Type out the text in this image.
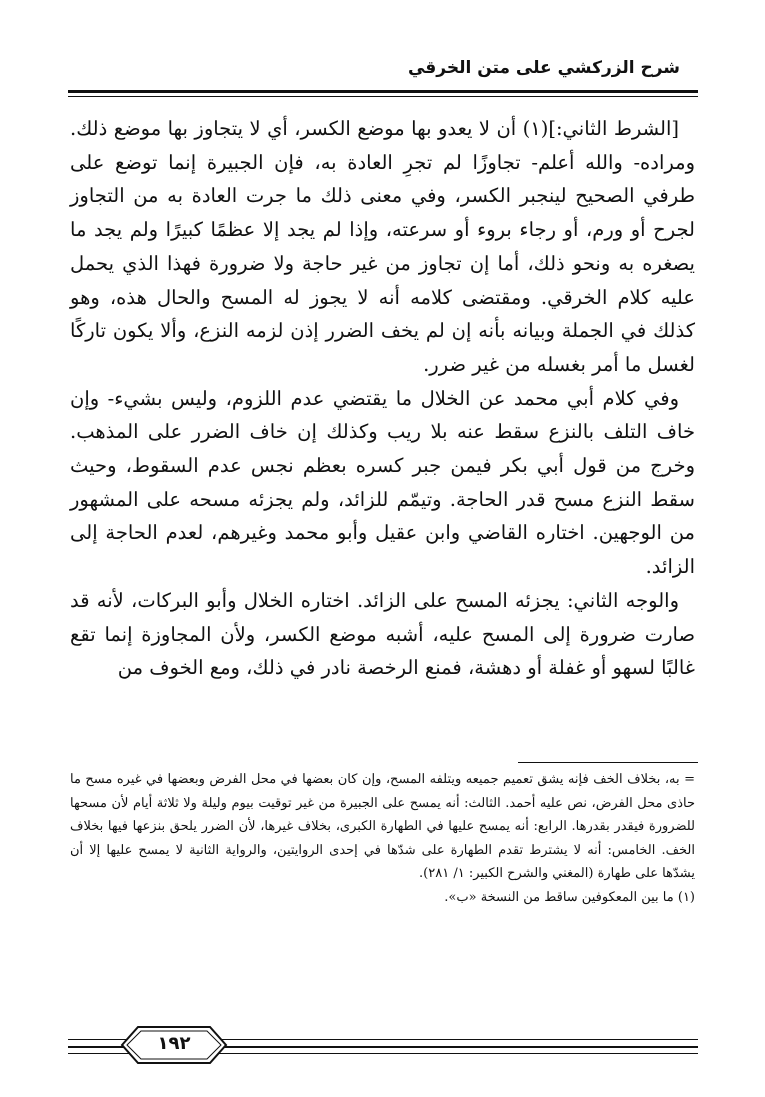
شرح الزركشي على متن الخرقي

[الشرط الثاني:](١) أن لا يعدو بها موضع الكسر، أي لا يتجاوز بها موضع ذلك. ومراده- والله أعلم- تجاوزًا لم تجرِ العادة به، فإن الجبيرة إنما توضع على طرفي الصحيح لينجبر الكسر، وفي معنى ذلك ما جرت العادة به من التجاوز لجرح أو ورم، أو رجاء بروء أو سرعته، وإذا لم يجد إلا عظمًا كبيرًا ولم يجد ما يصغره به ونحو ذلك، أما إن تجاوز من غير حاجة ولا ضرورة فهذا الذي يحمل عليه كلام الخرقي. ومقتضى كلامه أنه لا يجوز له المسح والحال هذه، وهو كذلك في الجملة وبيانه بأنه إن لم يخف الضرر إذن لزمه النزع، وألا يكون تاركًا لغسل ما أمر بغسله من غير ضرر.

وفي كلام أبي محمد عن الخلال ما يقتضي عدم اللزوم، وليس بشيء- وإن خاف التلف بالنزع سقط عنه بلا ريب وكذلك إن خاف الضرر على المذهب. وخرج من قول أبي بكر فيمن جبر كسره بعظم نجس عدم السقوط، وحيث سقط النزع مسح قدر الحاجة. وتيمّم للزائد، ولم يجزئه مسحه على المشهور من الوجهين. اختاره القاضي وابن عقيل وأبو محمد وغيرهم، لعدم الحاجة إلى الزائد.

والوجه الثاني: يجزئه المسح على الزائد. اختاره الخلال وأبو البركات، لأنه قد صارت ضرورة إلى المسح عليه، أشبه موضع الكسر، ولأن المجاوزة إنما تقع غالبًا لسهو أو غفلة أو دهشة، فمنع الرخصة نادر في ذلك، ومع الخوف من

= به، بخلاف الخف فإنه يشق تعميم جميعه ويتلفه المسح، وإن كان بعضها في محل الفرض وبعضها في غيره مسح ما حاذى محل الفرض، نص عليه أحمد. الثالث: أنه يمسح على الجبيرة من غير توقيت بيوم وليلة ولا ثلاثة أيام لأن مسحها للضرورة فيقدر بقدرها. الرابع: أنه يمسح عليها في الطهارة الكبرى، بخلاف غيرها، لأن الضرر يلحق بنزعها فيها بخلاف الخف. الخامس: أنه لا يشترط تقدم الطهارة على شدّها في إحدى الروايتين، والرواية الثانية لا يمسح عليها إلا أن يشدّها على طهارة (المغني والشرح الكبير: ١/ ٢٨١).

(١) ما بين المعكوفين ساقط من النسخة «ب».

١٩٢
